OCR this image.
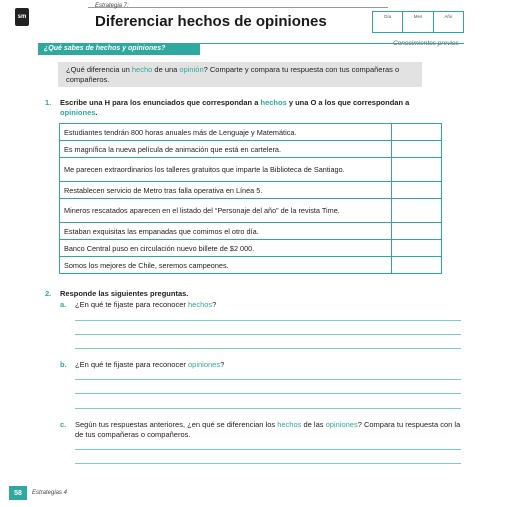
sm
Estrategia 7:
Diferenciar hechos de opiniones	Día	Mes	Año
¿Qué sabes de hechos y opiniones?
¿Qué diferencia un hecho de una opinión? Comparte y compara tu respuesta con tus compañeras o compañeros.
1. Escribe una H para los enunciados que correspondan a hechos y una O a los que correspondan a opiniones.
Estudiantes tendrán 800 horas anuales más de Lenguaje y Matemática.	
Es magnífica la nueva película de animación que está en cartelera.	
Me parecen extraordinarios los talleres gratuitos que imparte la Biblioteca de Santiago.	
Restablecen servicio de Metro tras falla operativa en Línea 5.	
Mineros rescatados aparecen en el listado del “Personaje del año” de la revista Time.	
Estaban exquisitas las empanadas que comimos el otro día.	
Banco Central puso en circulación nuevo billete de $2 000.	
Somos los mejores de Chile, seremos campeones.	
2. Responde las siguientes preguntas.
a. ¿En qué te fijaste para reconocer hechos?
b. ¿En qué te fijaste para reconocer opiniones?
c. Según tus respuestas anteriores, ¿en qué se diferencian los hechos de las opiniones? Compara tu respuesta con la de tus compañeras o compañeros.
58	Estrategias 4
